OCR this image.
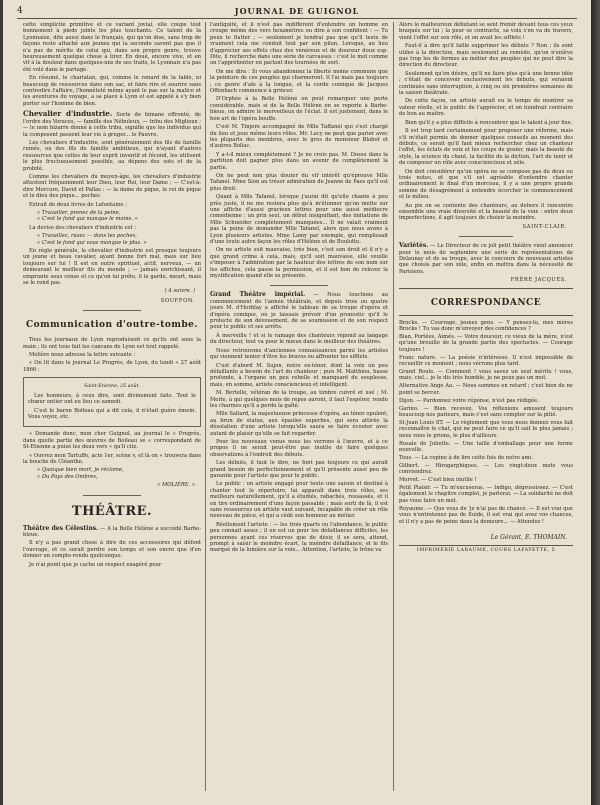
4	JOURNAL DE GUIGNOL

cette simplicité primitive et ce variant jovial, elle coupe tout bonnement à pieds joints les plus touchants. Ce talent de la Lyonnaise, dite aussi dans le français, qui qu'on dise, sans trop de façons reste attaché aux jeunes qui la seconde savent pas que il n'a pas de mérite de celui qui, dans son propre genre, trouve heureusement quelque chose à tirer. En doué, encore vive, et en vif à la douleur dans quelques-uns de ses traits, le Lyonnais n'a pas été volé dans le partage.

En résumé, le charlatan, qui, comme le renard de la fable, ni beaucoup de ressources dans son sac, et faire rire et sourire sans contredire l'affaire, l'honnêteté même ayant le pas sur la malice et les aventures du voyage, a sa place à Lyon et est appelé à s'y bien porter sur l'homme de bien.

Chevalier d'industrie. Sorte de bimane effronté, de l'ordre des Voraces, — famille des Nébuleux, — tribu des Miglioux ; — le nom bizarre donné à cette tribu, signifie que les individus qui la composent passent leur vie à gruger... le Pauvre.

Les chevaliers d'industrie, sont généralement des fils de famille ruinés, ou des fils de famille ambitieux, qui n'ayant d'autres ressources que celles de leur esprit inventif et fécond, les utilisent le plus fructueusement possible, au dépens des sots et de la probité.

Comme les chevaliers du moyen-âge, les chevaliers d'industrie attestent fréquemment leur Dieu, leur Roi, leur Dame ; — C'est-à-dire Mercure, David et Pallas : — la dame de pique, le roi de pique et le dieu des pique... poches.

Extrait de deux livres de Lafontaine :

« Travailler, prenez de la peine,
« C'est le fond qui manque le moins. »

La devise des chevaliers d'industrie est :

« Travaillez, rusez — dans les poches,
« C'est le fond qui vous manque le plus. »

En règle générale, le chevalier d'industrie est presque toujours un jeune et beau cavalier, ayant bonne fort mal, mais sur lieu toujours sur lui ! Il est en outre spirituel, actif, nerveux, — un demeurant le meilleur fils du monde ; — jamais enrichissant, il emprunte sous cense et ce qu'on lui prête, il le garde, meurt, mais se le rend pas.

( A suivre. )
SOUFFON.
Communication d'outre-tombe.

Tous les journaux de Lyon reproduisent ce qu'ils ont sous la main ; ils ont tous fait les cancans de Lyon est tout rappelé.

Molière nous adresse la lettre suivante :

« On lit dans le journal Le Progrès, de Lyon, du lundi « 27 août 1866 :

Saint-Etienne, 25 août.

Les honneurs, à ceux dire, sont divinement faits. Tout le chœur entier ont eu lieu ce samedi.

C'est le baron Boileau qui a dit cela, il n'était guère émoin. Vous voyez, etc.

« Demande donc, mon cher Guignol, au journal le « Progrès, dans quelle partie des œuvres de Boileau se « correspondant de St-Etienne a puisé les deux vers « qu'il cite.

« Ouvrez mon Tartuffe, acte 1er, scène v, et là on « trouvera dans la bouche de Cléanthe.

« Quoique bien mort, je réclame,
« Du Pays des Ombres,
« MOLIÈRE. »
THÉÂTRE.

Théâtre des Célestins. — A la Belle Hélène a succédé Barbe-bleue.

Il n'y a pas grand chose à dire de ces accessoires qui défont l'ouvrage, et ce serait perdre son temps et son encre que d'en donner un compte-rendu quelconque.

Je n'ai point que je cache un respect exagéré pour

l'antiquité, et il n'est pas indifférent d'entendre un homme en croupe même des vers hexamètres ou dire à son confident : — Tu peux te flatter ; — seulement je tendrai pas que qu'il teste de vraiment cela me conduit tout par son pilon. Lorsque, au lieu d'apprécier ses effets chez des vénéreux et de douceur doux esp. Dite, il recherche dans une série de carcasses : c'est le mot comme on l'appréhenter en parlant des tournées de sort.

On me dira : Si vous abandonnez la liberté moins commune que la peinture de ces peuples qui charmeront. Il l'ai mais pas toujours ; ce genre d'aïe à la longue, et la corde comique de Jacques Offenbach commence à grincer.

D'Orphée à la Belle Hélène on peut remarquer une perte considérable, mais si de la Belle Hélène on se reporte à Barbe-bleue, on admire le merveilleux de l'éclat. Il est justement, dans le bon art de l'opéra bouffe.

C'est M. Tinjere accompagné de Mlle Taffanel qui s'est chargé du lieu et joue même leurs rôles. Mr. Lucy ne peut que parier avec les pluparts des membres, avec le gros de monsieur Blabot et d'autres Boliac.

Y a-t-il mieux complètement ? Je ne crois pas. M. Dossu dans la partition doit gagner plus dans un avenir de complètement la partie.

On ne peut non plus douter du vif intérêt qu'éprouve Mlle Tafanel. Mme Sion au trésor admiration de Jeanne de Paos qu'il est plus droit.

Quant à Mlle Tafanel, lorsque j'aurai dit qu'elle chante à peu près juste, il ne me restera plus qu'à m'étonner qu'on mette sur une affiche d'aussi gracieux lettres pour une aussi médiocre comédienne : un prix seul, un début insignifiant, des imitations de Mlle Schneider complètement manquées... Il ne valait vraiment pas la peine de demander Mlle Tafanel, alors que nous avons à Lyon plusieurs artistes. Mme Lamy par exemple, qui remplissait d'une toute autre façon les rôles d'Hélène et de Boulotte.

On ne artiste soit mauvaise, très bien, c'est son droit et il n'y a que grand crime à cela, mais, qu'il soit mauvaise, elle veuille s'imposer à l'admiration par la hauteur des lettres de son nom sur les affiches, cela passe la permission, et il est bon de relever la mystification quand elle se présente.

Grand Théâtre impérial. — Nous touchons au commencement de l'année théâtrale, et depuis trois ou quatre jours M. d'Herblay a affiché le tableau de sa troupe d'opéra et d'opéra comique, où je laissais prévoir d'un pronostic qu'il le protecte de son dévouement, de sa soumission et de son respect pour le public et ses arrêts.

À merveille ! et si le ramage des chanteurs répond au langage du directeur, tout va pour le mieux dans le meilleur des théâtres.

Nous retrouvons d'anciennes connaissances parmi les artistes qui viennent tenter d'être les bravos ou affronter les sifflets.

C'est d'abord M. Sujon, notre ex-ténor, dont la voix un peu défaillante a besoin de l'art du chanteur ; puis M. Matthieu, basse profonde, à l'organe un peu rebelle et manquant de souplesse, mais, en somme, artiste consciencieux et intelligent.

M. Bertelle, vétéran de la troupe, au timbre cuivré et usé ; M. Merle, à qui quelques mois de repos auront, il faut l'espérer, rendu les charmes qu'il a perdu la gaîté.

Mlle Sallard, la majestueuse princesse d'opéra, au ténor opulent, au brun de statue, aux épaules superbes, qui sera attirée la désolation d'une artiste lorsqu'elle saura se faire écouter avec autant de plaisir qu'elle se fait regarder.

Pour les nouveaux venus nous les verrons à l'œuvre, et à ce propos il ne serait peut-être pas inutile de faire quelques observations à l'endroit des débuts.

Les débuts, il faut le dire, ne font pas toujours ce qui aurait grand besoin de perfectionnement et qu'il présente aussi peu de garantie pour l'artiste que pour le public.

Le public : un artiste engagé pour toute une saison et destiné à chanter tout le répertoire, lui apparaît dans trois rôles, ses meilleurs naturellement, qu'il a étudiés, rabachés, ressassés, et il en tire ordinairement d'une façon passable ; mais sorti de là, il est sans ressources un artiste vaut suivant, incapable de créer un rôle nouveau de pièce, et qui a cédé son honneur au métier.

Réellement l'artiste : — les trois quarts ou l'abondance, le public peu connait assez ; il en est un pour les défaillances difficiles, les personnes ayant ces réserves que de désir, il se sera, attend, prompt à saisir le moindre écart, la moindre défaillance, et le fils marqué de la lumière sur la voix... Attention, l'artiste, le trône va

Alors le malheureux débutant se sent frémir devant tous ces yeux braqués sur lui ; la peur se contracte, sa voix s'en va de travers, vient l'effet sur son rôle, et on avait les sifflets !

Faut-il à dire qu'il faille supprimer les débuts ? Non ; ils sont utiles à la direction, mais seulement au remède, qu'on n'enlève pas trop les de fermes au métier des peuples qui ne peut dire la direction du directeur.

Seulement qu'on désire, qu'il ne faire plus qu'à une bonne idée ; c'était de concevoir exclusivement les débuts, qui seraient continués sans interruption, à cinq ou six premières semaines de la saison théâtrale.

De cette façon, un artiste aurait eu le temps de montrer sa valeur réelle, et le public de l'apprécier, et on tiendrait contraire de bon au maître.

Bien qu'il y a plus difficile à rencontrer que le talent à jour fixe.

Il est trop tard certainement pour proposer une réforme, mais s'il m'était permis de donner quelques conseils au moment des débuts, ce serait qu'il faut mieux rechercher chez un chanteur l'effet, les éclats de voix et les coups de gosier, mais la beauté du style, la science du chant, la facilité de la diction, l'art de tenir et de composer un rôle avec consciencieux et zèle.

On doit considérer qu'un opéra ne se compose pas de deux ou trois notes, et que s'il est agréable d'entendre chanter ordinairement le final d'un morceau, il y a une propre grande somme de désagrément à entendre écorcher le commencement et le milieu.

Au pis on se contente des chanteurs, au dehors il rencontre ensemble une vraie diversité et la beauté de la voix : entre deux imperfections, il agit toujours de choisir la moindre.

SAINT-CLAIR.

Variétés. — Le Directeur de ce joli petit théâtre vient annoncer pour le mois de septembre une série de représentations de Delaunay et de sa troupe, avec le concours de nouveaux artistes que choisis par son zèle, enfin en mettra dans la nécessité de Parisiens.

FRÈRE JACQUES.
CORRESPONDANCE

Brocks. — Courrage, jeunes gens. — Y pensez-lu, mes mères Brocks ! Tu vas donc m'envoyer des confidences ?

Blan, Portées, Aimés. — Votre douceur, ce vieux de la mère, n'est qu'une brouille de la grande partie des spectacles. — Courage toujours !

Franc nature. — La poésie n'intéresse. Il n'est impossible de recueillir ce moment ; nous vérrons plus tard.

Grand Roule. — Comment ! vous savez un seul mérite ! vous, mais, ciel... je le dis très humble, je ne peux pas un mot.

Alternative Ange Au. — Nous sommes en retard ; c'est bien de ne point se bercer.

Dijon. — Pardonnez votre réponse, n'est pas rédigée.

Garino. — Bien recevez. Vos réflexions amusent toujours beaucoup nos parieurs, mais c'est sans compter sur la pitié.

St-Jean Louis ST. — Le règlement que vous nous donnez vous fait reconnaître le chat, qui ne peut faire ce qu'il sait le plus jamais ; nous vous le prions, le plus d'ailleurs.

Rosale de Juliette. — Une taille d'emballage pour une forme nouvelle.

Tous. — La copine à de lire cette fois de notre ami.

Gilbert. — Hirogarphiques. — Les vingt-deux mots vous conviendrez.

Morvet. — C'est bien inutile !

Petit Plaisir. — Tu m'excuseras. — Indigo, dégrossissez. — C'est également le chapitre complet, je parlerai. — La solidarité ne doit pas vous faire un mot.

Royaume. — Que vous de 'je n'ai pas de chance. — Il est vrai que vous n'entretenez pas de fluide, il est vrai qui avez vos chances, et il n'y a pas de peine dans la demeure... — Attendez !

Le Gérant, E. THOMAIN.
IMPRIMERIE LABAUME, COURS LAFAYETTE, 5
